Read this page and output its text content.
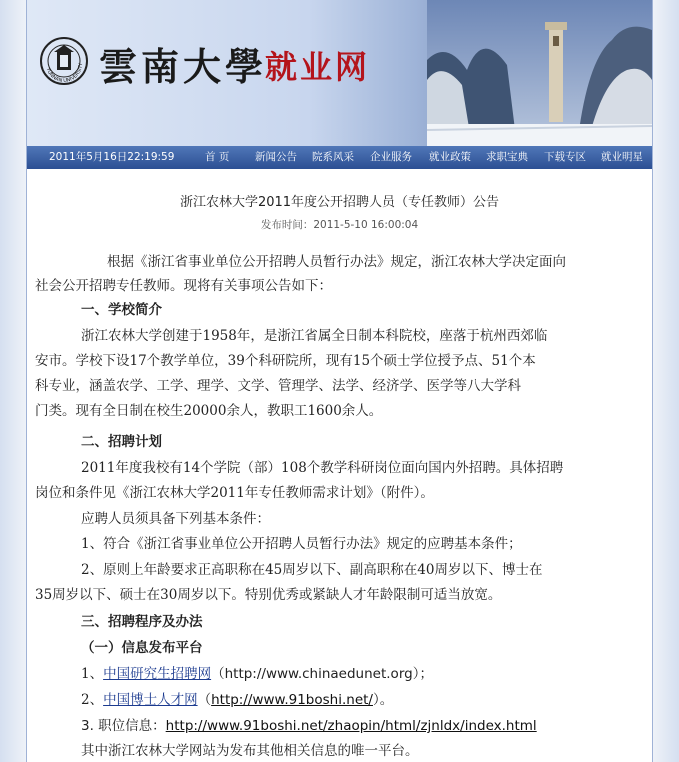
YUNNAN UNIVERSITY 雲南大學
就业网
2011年5月16日22:19:59	首 页 新闻公告 院系风采 企业服务 就业政策 求职宝典 下载专区 就业明星
浙江农林大学2011年度公开招聘人员（专任教师）公告
发布时间：2011-5-10 16:00:04
根据《浙江省事业单位公开招聘人员暂行办法》规定，浙江农林大学决定面向
社会公开招聘专任教师。现将有关事项公告如下：
一、学校简介
浙江农林大学创建于1958年，是浙江省属全日制本科院校，座落于杭州西郊临
安市。学校下设17个教学单位，39个科研院所，现有15个硕士学位授予点、51个本
科专业，涵盖农学、工学、理学、文学、管理学、法学、经济学、医学等八大学科
门类。现有全日制在校生20000余人，教职工1600余人。
二、招聘计划
2011年度我校有14个学院（部）108个教学科研岗位面向国内外招聘。具体招聘
岗位和条件见《浙江农林大学2011年专任教师需求计划》（附件）。
应聘人员须具备下列基本条件：
1、符合《浙江省事业单位公开招聘人员暂行办法》规定的应聘基本条件；
2、原则上年龄要求正高职称在45周岁以下、副高职称在40周岁以下、博士在
35周岁以下、硕士在30周岁以下。特别优秀或紧缺人才年龄限制可适当放宽。
三、招聘程序及办法
（一）信息发布平台
1、中国研究生招聘网（http://www.chinaedunet.org）；
2、中国博士人才网（http://www.91boshi.net/）。
3. 职位信息：http://www.91boshi.net/zhaopin/html/zjnldx/index.html
其中浙江农林大学网站为发布其他相关信息的唯一平台。
